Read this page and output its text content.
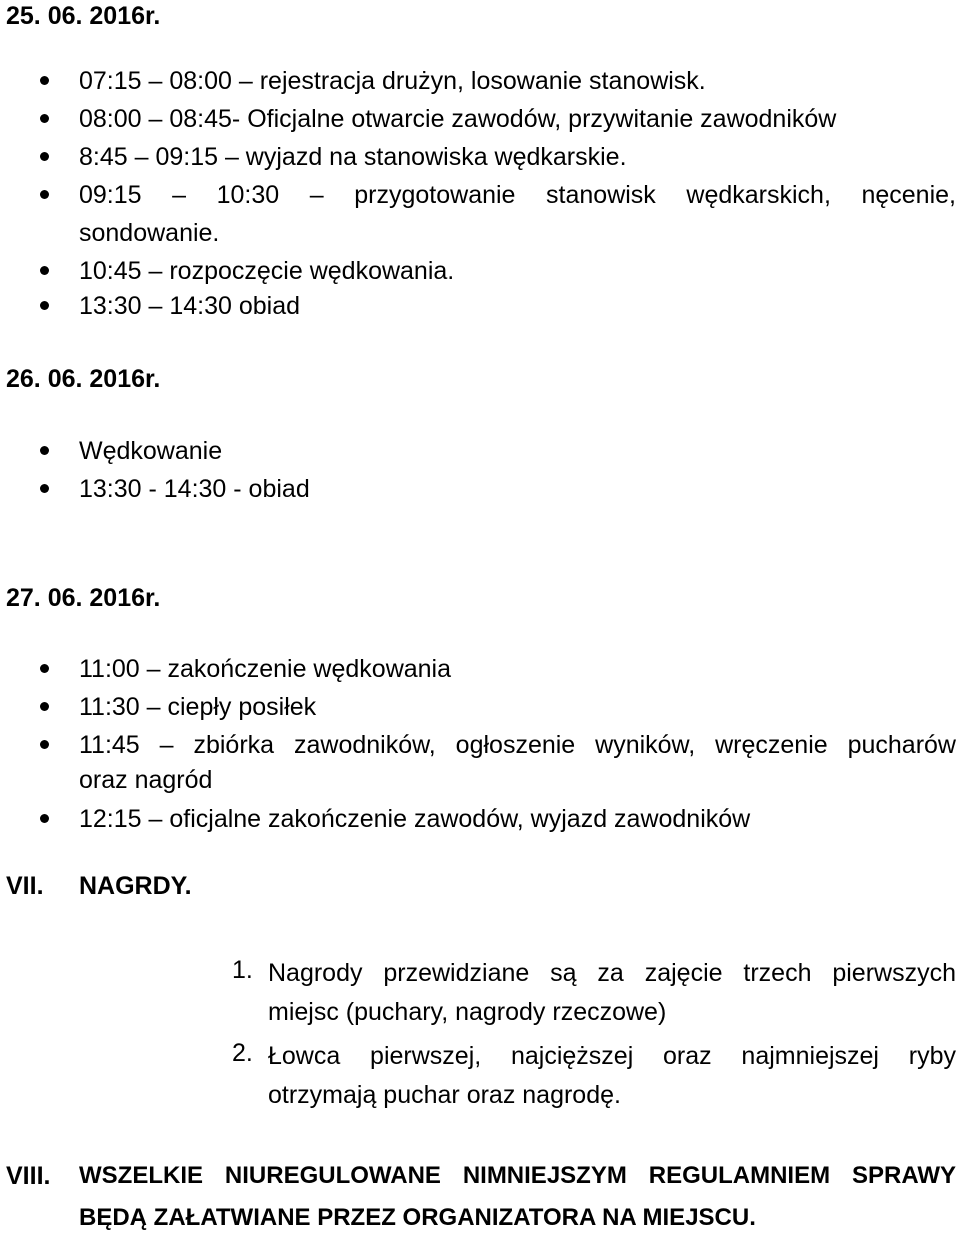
25. 06. 2016r.
07:15 – 08:00 – rejestracja drużyn, losowanie stanowisk.
08:00 – 08:45- Oficjalne otwarcie zawodów, przywitanie zawodników
8:45 – 09:15 – wyjazd na stanowiska wędkarskie.
09:15 – 10:30 – przygotowanie stanowisk wędkarskich, nęcenie,
sondowanie.
10:45 – rozpoczęcie wędkowania.
13:30 – 14:30 obiad
26. 06. 2016r.
Wędkowanie
13:30 - 14:30 - obiad
27. 06. 2016r.
11:00 – zakończenie wędkowania
11:30 – ciepły posiłek
11:45 – zbiórka zawodników, ogłoszenie wyników, wręczenie pucharów
oraz nagród
12:15 – oficjalne zakończenie zawodów, wyjazd zawodników
VII. NAGRDY.
1. Nagrody przewidziane są za zajęcie trzech pierwszych
miejsc (puchary, nagrody rzeczowe)
2. Łowca pierwszej, najcięższej oraz najmniejszej ryby
otrzymają puchar oraz nagrodę.
VIII. WSZELKIE NIUREGULOWANE NIMNIEJSZYM REGULAMNIEM SPRAWY
BĘDĄ ZAŁATWIANE PRZEZ ORGANIZATORA NA MIEJSCU.
